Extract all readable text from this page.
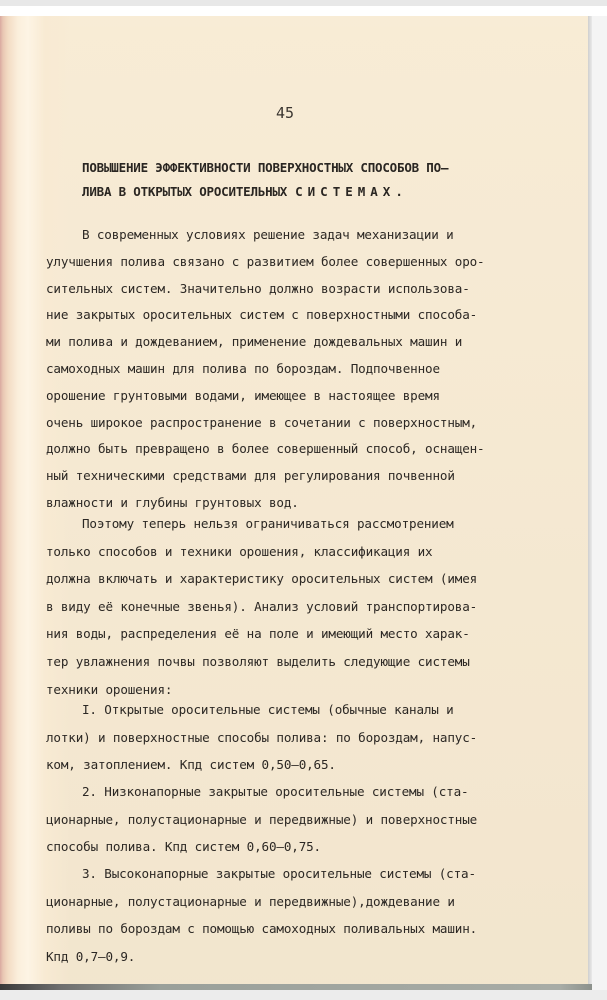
45
ПОВЫШЕНИЕ ЭФФЕКТИВНОСТИ ПОВЕРХНОСТНЫХ СПОСОБОВ ПО–
ЛИВА В ОТКРЫТЫХ ОРОСИТЕЛЬНЫХ СИСТЕМАХ.
В современных условиях решение задач механизации и
улучшения полива связано с развитием более совершенных оро-
сительных систем. Значительно должно возрасти использова-
ние закрытых оросительных систем с поверхностными способа-
ми полива и дождеванием, применение дождевальных машин и
самоходных машин для полива по бороздам. Подпочвенное
орошение грунтовыми водами, имеющее в настоящее время
очень широкое распространение в сочетании с поверхностным,
должно быть превращено в более совершенный способ, оснащен-
ный техническими средствами для регулирования почвенной
влажности и глубины грунтовых вод.
Поэтому теперь нельзя ограничиваться рассмотрением
только способов и техники орошения, классификация их
должна включать и характеристику оросительных систем (имея
в виду её конечные звенья). Анализ условий транспортирова-
ния воды, распределения её на поле и имеющий место харак-
тер увлажнения почвы позволяют выделить следующие системы
техники орошения:
I. Открытые оросительные системы (обычные каналы и
лотки) и поверхностные способы полива: по бороздам, напус-
ком, затоплением. Кпд систем 0,50–0,65.
2. Низконапорные закрытые оросительные системы (ста-
ционарные, полустационарные и передвижные) и поверхностные
способы полива. Кпд систем 0,60–0,75.
3. Высоконапорные закрытые оросительные системы (ста-
ционарные, полустационарные и передвижные),дождевание и
поливы по бороздам с помощью самоходных поливальных машин.
Кпд 0,7–0,9.
